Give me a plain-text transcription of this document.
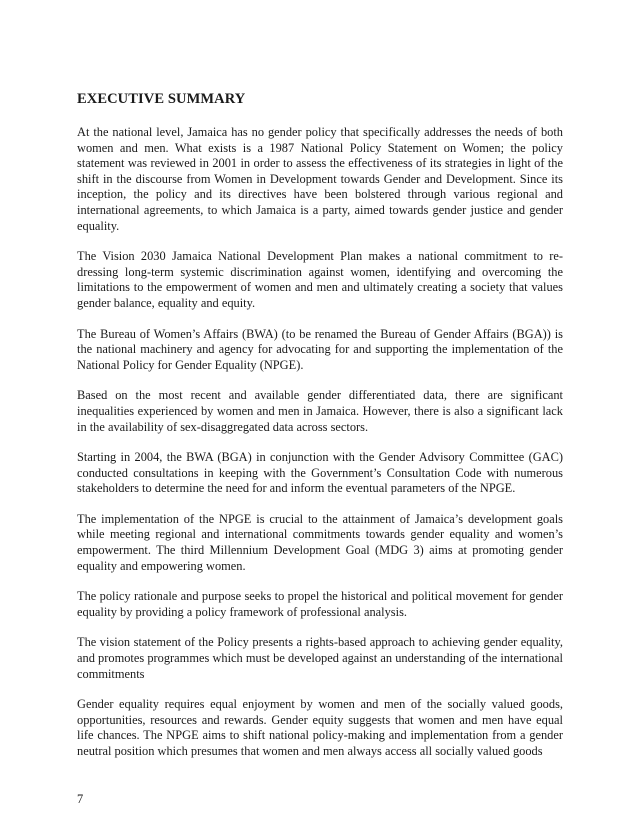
EXECUTIVE SUMMARY

At the national level, Jamaica has no gender policy that specifically addresses the needs of both women and men. What exists is a 1987 National Policy Statement on Women; the policy statement was reviewed in 2001 in order to assess the effectiveness of its strategies in light of the shift in the discourse from Women in Development towards Gender and Development. Since its inception, the policy and its directives have been bolstered through various regional and international agreements, to which Jamaica is a party, aimed towards gender justice and gender equality.

The Vision 2030 Jamaica National Development Plan makes a national commitment to re-dressing long-term systemic discrimination against women, identifying and overcoming the limitations to the empowerment of women and men and ultimately creating a society that values gender balance, equality and equity.

The Bureau of Women’s Affairs (BWA) (to be renamed the Bureau of Gender Affairs (BGA)) is the national machinery and agency for advocating for and supporting the implementation of the National Policy for Gender Equality (NPGE).

Based on the most recent and available gender differentiated data, there are significant inequalities experienced by women and men in Jamaica. However, there is also a significant lack in the availability of sex-disaggregated data across sectors.

Starting in 2004, the BWA (BGA) in conjunction with the Gender Advisory Committee (GAC) conducted consultations in keeping with the Government’s Consultation Code with numerous stakeholders to determine the need for and inform the eventual parameters of the NPGE.

The implementation of the NPGE is crucial to the attainment of Jamaica’s development goals while meeting regional and international commitments towards gender equality and women’s empowerment. The third Millennium Development Goal (MDG 3) aims at promoting gender equality and empowering women.

The policy rationale and purpose seeks to propel the historical and political movement for gender equality by providing a policy framework of professional analysis.

The vision statement of the Policy presents a rights-based approach to achieving gender equality, and promotes programmes which must be developed against an understanding of the international commitments

Gender equality requires equal enjoyment by women and men of the socially valued goods, opportunities, resources and rewards. Gender equity suggests that women and men have equal life chances. The NPGE aims to shift national policy-making and implementation from a gender neutral position which presumes that women and men always access all socially valued goods

7
